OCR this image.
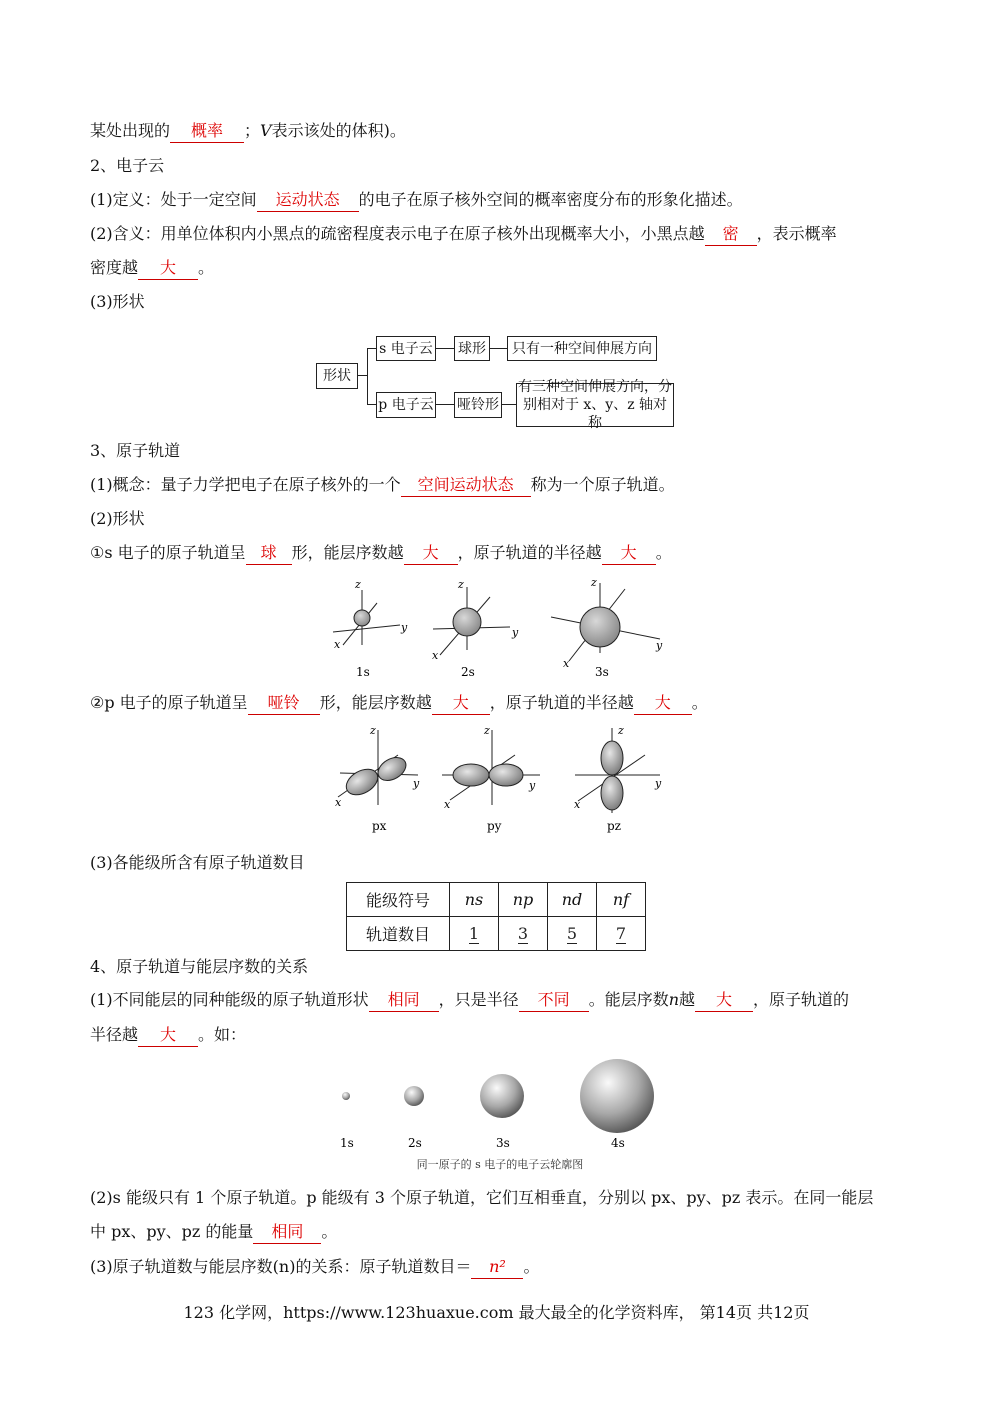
某处出现的 概率 ；V表示该处的体积)。
2、电子云
(1)定义：处于一定空间 运动状态 的电子在原子核外空间的概率密度分布的形象化描述。
(2)含义：用单位体积内小黑点的疏密程度表示电子在原子核外出现概率大小，小黑点越 密 ，表示概率
密度越 大 。
(3)形状
形状
s 电子云 球形	只有一种空间伸展方向
p 电子云 哑铃形
有三种空间伸展方向，分
别相对于 x、y、z 轴对称
3、原子轨道
(1)概念：量子力学把电子在原子核外的一个 空间运动状态 称为一个原子轨道。
(2)形状
①s 电子的原子轨道呈 球 形，能层序数越 大 ，原子轨道的半径越 大 。
z
x
y
1s
z
x
y
2s
z
x
y
3s
②p 电子的原子轨道呈 哑铃 形，能层序数越 大 ，原子轨道的半径越 大 。
z
x
y
px
z
x
y
py
z
x
y
pz
(3)各能级所含有原子轨道数目
能级符号	ns	np	nd	nf
轨道数目	1	3	5	7
4、原子轨道与能层序数的关系
(1)不同能层的同种能级的原子轨道形状 相同 ，只是半径 不同 。能层序数n越 大 ，原子轨道的
半径越 大 。如：
1s	2s	3s	4s
同一原子的 s 电子的电子云轮廓图
(2)s 能级只有 1 个原子轨道。p 能级有 3 个原子轨道，它们互相垂直，分别以 px、py、pz 表示。在同一能层
中 px、py、pz 的能量 相同 。
(3)原子轨道数与能层序数(n)的关系：原子轨道数目＝ n² 。
123 化学网，https://www.123huaxue.com 最大最全的化学资料库， 第14页 共12页
